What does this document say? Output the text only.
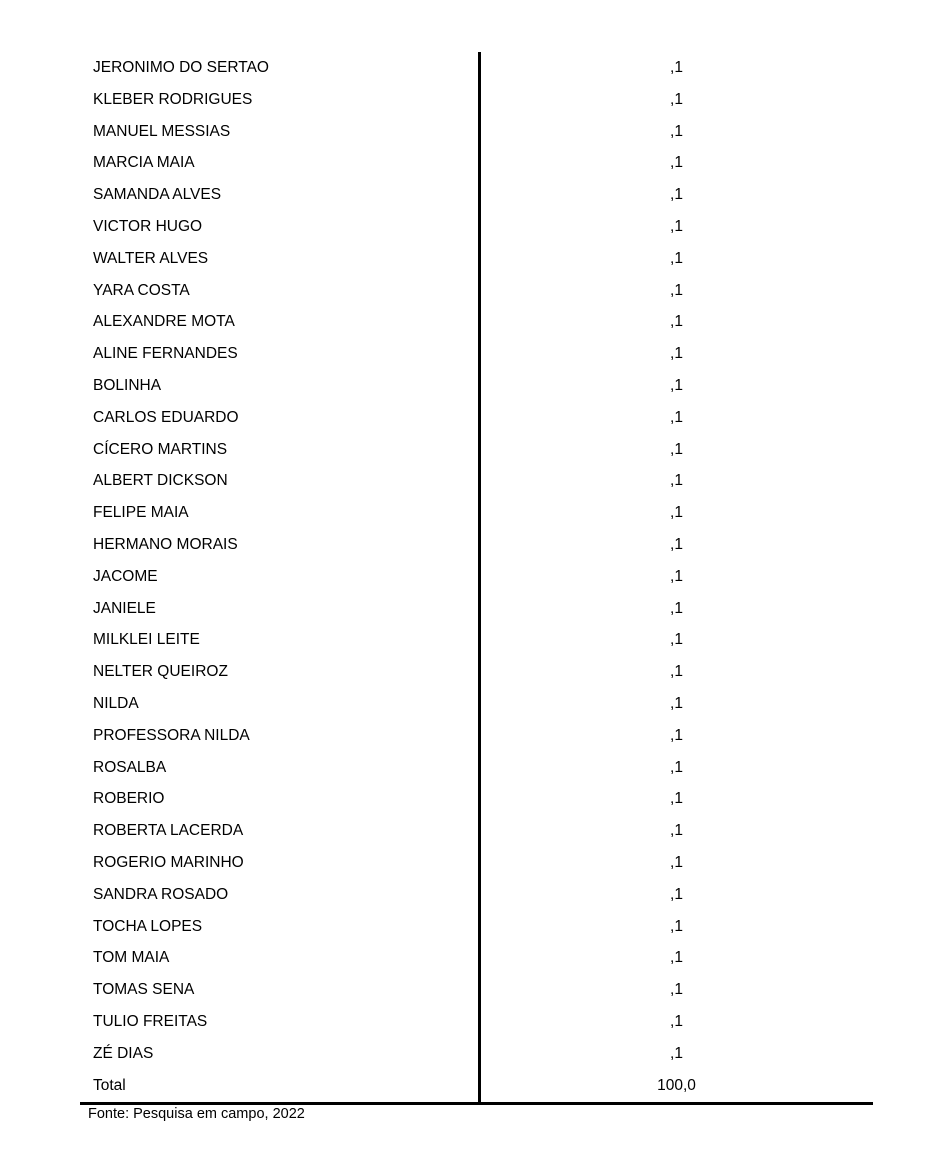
JERONIMO DO SERTAO	,1
KLEBER RODRIGUES	,1
MANUEL MESSIAS	,1
MARCIA MAIA	,1
SAMANDA ALVES	,1
VICTOR HUGO	,1
WALTER ALVES	,1
YARA COSTA	,1
ALEXANDRE MOTA	,1
ALINE FERNANDES	,1
BOLINHA	,1
CARLOS EDUARDO	,1
CÍCERO MARTINS	,1
ALBERT DICKSON	,1
FELIPE MAIA	,1
HERMANO MORAIS	,1
JACOME	,1
JANIELE	,1
MILKLEI LEITE	,1
NELTER QUEIROZ	,1
NILDA	,1
PROFESSORA NILDA	,1
ROSALBA	,1
ROBERIO	,1
ROBERTA LACERDA	,1
ROGERIO MARINHO	,1
SANDRA ROSADO	,1
TOCHA LOPES	,1
TOM MAIA	,1
TOMAS SENA	,1
TULIO FREITAS	,1
ZÉ DIAS	,1
Total	100,0
Fonte: Pesquisa em campo, 2022
